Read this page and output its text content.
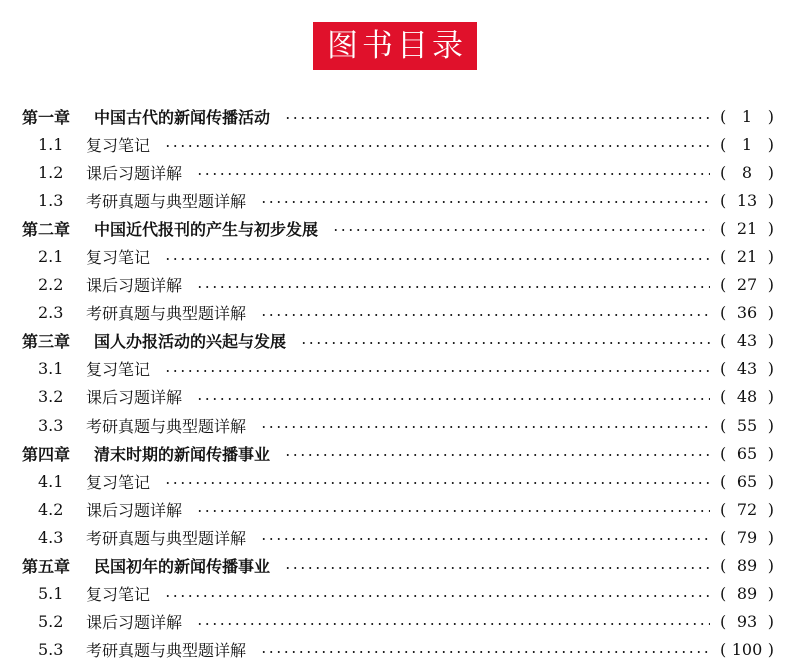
图书目录
第一章	中国古代的新闻传播活动	( 1 )
1.1	复习笔记	( 1 )
1.2	课后习题详解	( 8 )
1.3	考研真题与典型题详解	( 13 )
第二章	中国近代报刊的产生与初步发展	( 21 )
2.1	复习笔记	( 21 )
2.2	课后习题详解	( 27 )
2.3	考研真题与典型题详解	( 36 )
第三章	国人办报活动的兴起与发展	( 43 )
3.1	复习笔记	( 43 )
3.2	课后习题详解	( 48 )
3.3	考研真题与典型题详解	( 55 )
第四章	清末时期的新闻传播事业	( 65 )
4.1	复习笔记	( 65 )
4.2	课后习题详解	( 72 )
4.3	考研真题与典型题详解	( 79 )
第五章	民国初年的新闻传播事业	( 89 )
5.1	复习笔记	( 89 )
5.2	课后习题详解	( 93 )
5.3	考研真题与典型题详解	( 100 )
